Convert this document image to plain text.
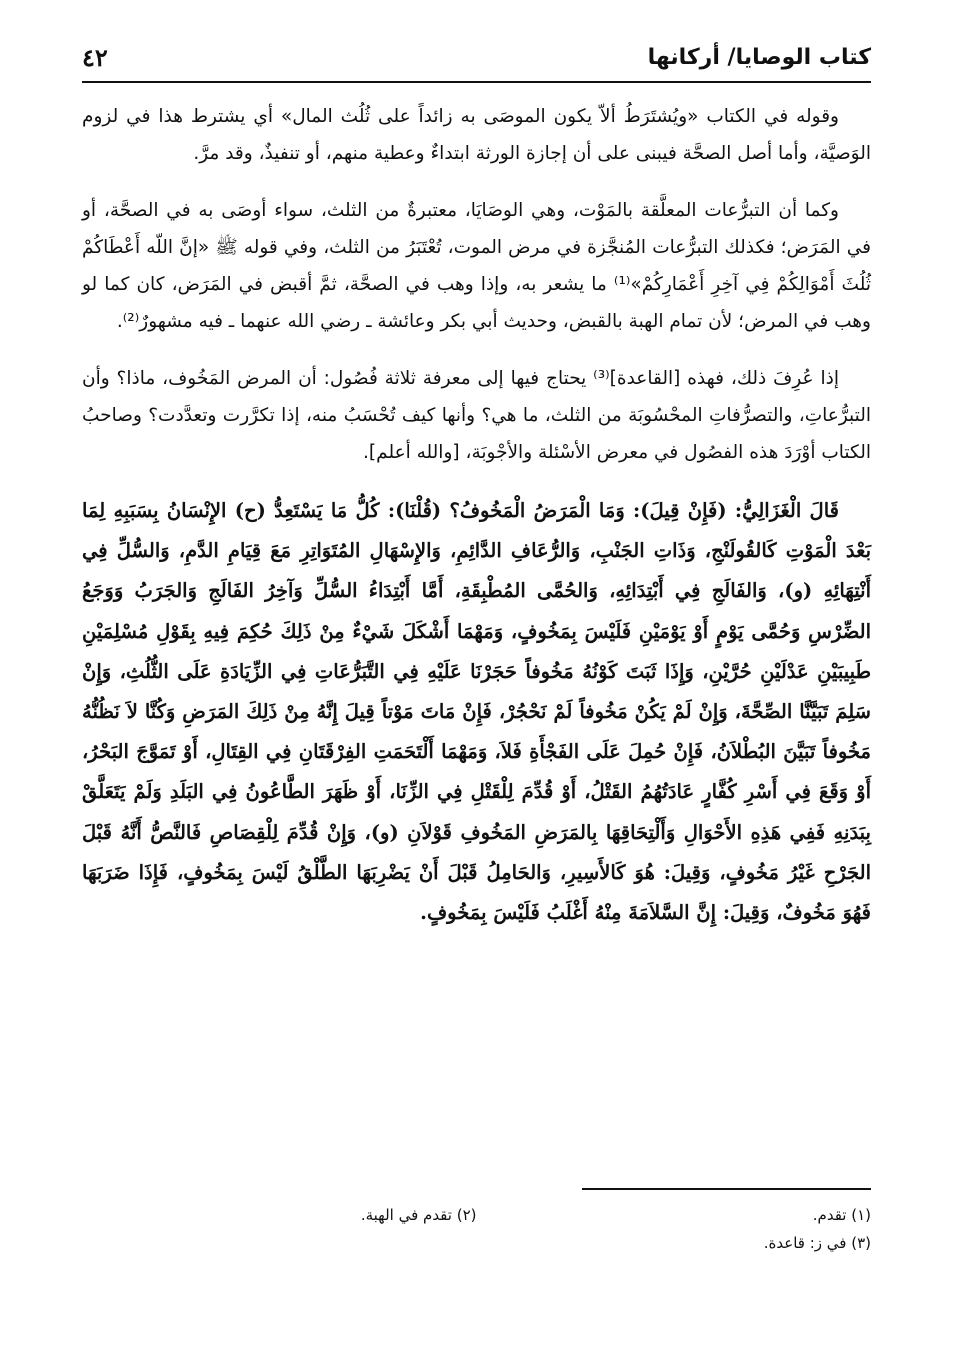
كتاب الوصايا/ أركانها
٤٢

وقوله في الكتاب «ويُشتَرَطُ ألاّ يكون الموصَى به زائداً على ثُلُث المال» أي يشترط هذا في لزوم الوَصيَّة، وأما أصل الصحَّة فيبنى على أن إجازة الورثة ابتداءٌ وعطية منهم، أو تنفيذٌ، وقد مرَّ.

وكما أن التبرُّعات المعلَّقة بالمَوْت، وهي الوصَايَا، معتبرةٌ من الثلث، سواء أوصَى به في الصحَّة، أو في المَرَض؛ فكذلك التبرُّعات المُنجَّزة في مرض الموت، تُعْتَبَرُ من الثلث، وفي قوله ﷺ «إنَّ اللّه أَعْطَاكُمْ ثُلُثَ أَمْوَالِكُمْ فِي آخِرِ أَعْمَارِكُمْ»⁽¹⁾ ما يشعر به، وإذا وهب في الصحَّة، ثمَّ أقبض في المَرَض، كان كما لو وهب في المرض؛ لأن تمام الهبة بالقبض، وحديث أبي بكر وعائشة ـ رضي الله عنهما ـ فيه مشهورٌ⁽²⁾.

إذا عُرِفَ ذلك، فهذه [القاعدة]⁽³⁾ يحتاج فيها إلى معرفة ثلاثة فُصُول: أن المرض المَخُوف، ماذا؟ وأن التبرُّعاتِ، والتصرُّفاتِ المحْسُوبَة من الثلث، ما هي؟ وأنها كيف تُحْسَبُ منه، إذا تكرَّرت وتعدَّدت؟ وصاحبُ الكتاب أوْرَدَ هذه الفصُول في معرض الأسْئلة والأجْوبَة، [والله أعلم].

قَالَ الْغَزَالِيُّ: (فَإِنْ قِيلَ): وَمَا الْمَرَضُ الْمَخُوفُ؟ (قُلْنَا): كُلُّ مَا يَسْتَعِدُّ (ح) الإِنْسَانُ بِسَبَبِهِ لِمَا بَعْدَ الْمَوْتِ كَالقُولَنْجِ، وَذَاتِ الجَنْبِ، وَالرُّعَافِ الدَّائِمِ، وَالإِسْهَالِ المُتَوَاتِرِ مَعَ قِيَامِ الدَّمِ، وَالسُّلِّ فِي أَنْتِهَائِهِ (و)، وَالفَالَجِ فِي أَبْتِدَائِهِ، وَالحُمَّى المُطْبِقَةِ، أَمَّا أَبْتِدَاءُ السُّلِّ وَآخِرُ الفَالَجِ وَالجَرَبُ وَوَجَعُ الضِّرْسِ وَحُمَّى يَوْمٍ أَوْ يَوْمَيْنِ فَلَيْسَ بِمَخُوفٍ، وَمَهْمَا أَشْكَلَ شَيْءٌ مِنْ ذَلِكَ حُكِمَ فِيهِ بِقَوْلِ مُسْلِمَيْنِ طَبِيبَيْنِ عَدْلَيْنِ حُرَّيْنِ، وَإِذَا ثَبَتَ كَوْنُهُ مَخُوفاً حَجَرْنَا عَلَيْهِ فِي التَّبَرُّعَاتِ فِي الزِّيَادَةِ عَلَى الثُّلُثِ، وَإِنْ سَلِمَ تَبَيَّنَّا الصِّحَّةَ، وَإِنْ لَمْ يَكُنْ مَخُوفاً لَمْ نَحْجُرْ، فَإِنْ مَاتَ مَوْتاً قِيلَ إِنَّهُ مِنْ ذَلِكَ المَرَضِ وَكُنَّا لاَ نَظُنُّهُ مَخُوفاً تَبَيَّنَ البُطْلاَنُ، فَإِنْ حُمِلَ عَلَى الفَجْأَةِ فَلاَ، وَمَهْمَا أَلْتَحَمَتِ الفِرْقَتَانِ فِي القِتَالِ، أَوْ تَمَوَّجَ البَحْرُ، أَوْ وَقَعَ فِي أَسْرِ كُفَّارٍ عَادَتُهُمُ القَتْلُ، أَوْ قُدِّمَ لِلْقَتْلِ فِي الزِّنَا، أَوْ ظَهَرَ الطَّاعُونُ فِي البَلَدِ وَلَمْ يَتَعَلَّقْ بِبَدَنِهِ فَفِي هَذِهِ الأَحْوَالِ وَأَلْتِحَاقِهَا بِالمَرَضِ المَخُوفِ قَوْلاَنِ (و)، وَإِنْ قُدِّمَ لِلْقِصَاصِ فَالنَّصُّ أَنَّهُ قَبْلَ الجَرْحِ غَيْرُ مَخُوفٍ، وَقِيلَ: هُوَ كَالأَسِيرِ، وَالحَامِلُ قَبْلَ أَنْ يَضْرِبَهَا الطَّلْقُ لَيْسَ بِمَخُوفٍ، فَإِذَا ضَرَبَهَا فَهُوَ مَخُوفٌ، وَقِيلَ: إِنَّ السَّلاَمَةَ مِنْهُ أَغْلَبُ فَلَيْسَ بِمَخُوفٍ.

(١) تقدم.
(٢) تقدم في الهبة.
(٣) في ز: قاعدة.
